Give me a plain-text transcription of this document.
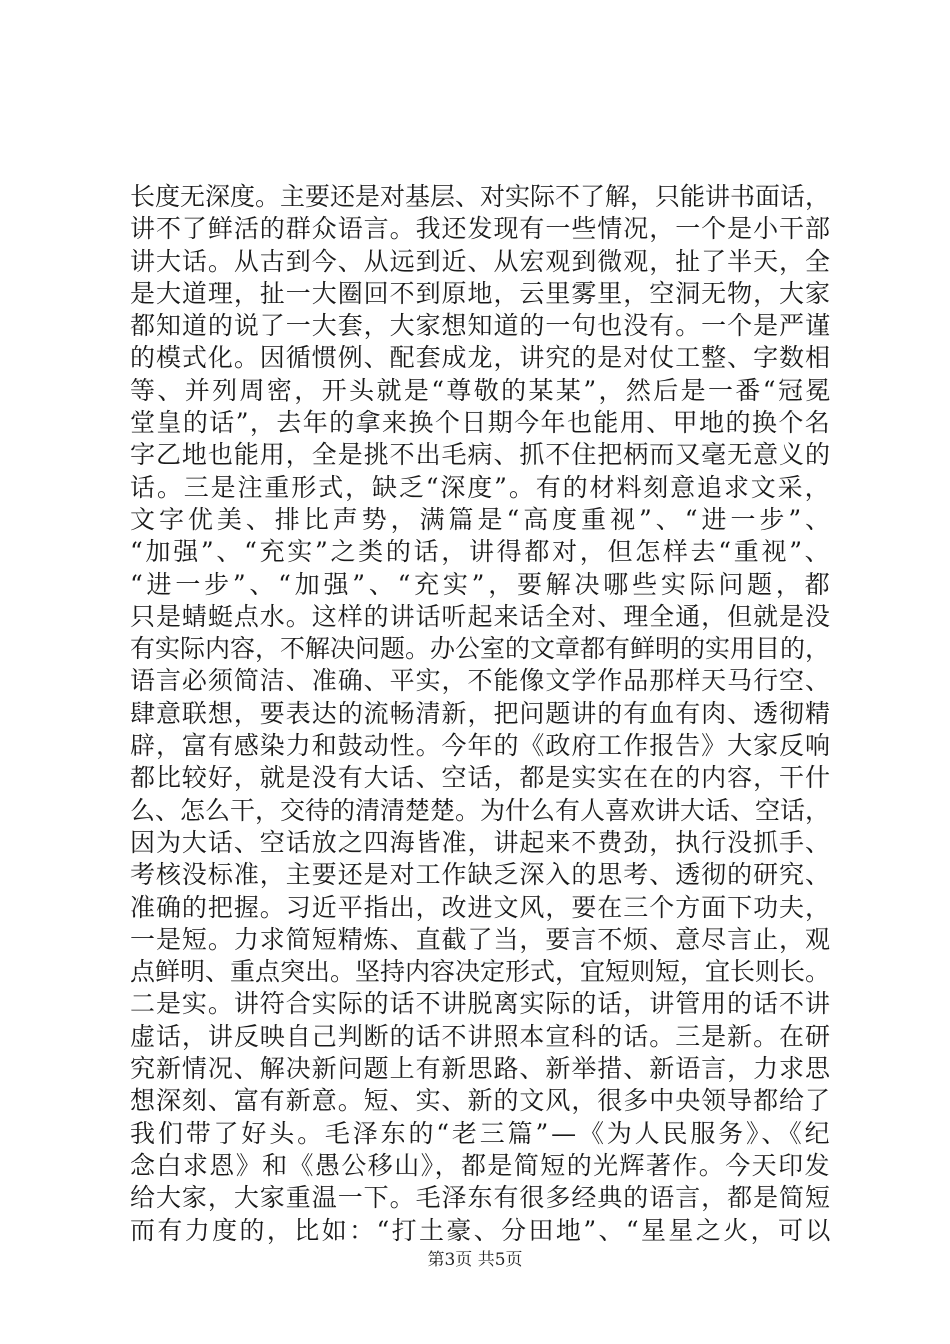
长度无深度。主要还是对基层、对实际不了解，只能讲书面话，
讲不了鲜活的群众语言。我还发现有一些情况，一个是小干部
讲大话。从古到今、从远到近、从宏观到微观，扯了半天，全
是大道理，扯一大圈回不到原地，云里雾里，空洞无物，大家
都知道的说了一大套，大家想知道的一句也没有。一个是严谨
的模式化。因循惯例、配套成龙，讲究的是对仗工整、字数相
等、并列周密，开头就是“尊敬的某某”，然后是一番“冠冕
堂皇的话”，去年的拿来换个日期今年也能用、甲地的换个名
字乙地也能用，全是挑不出毛病、抓不住把柄而又毫无意义的
话。三是注重形式，缺乏“深度”。有的材料刻意追求文采，
文字优美、排比声势，满篇是“高度重视”、“进一步”、
“加强”、“充实”之类的话，讲得都对，但怎样去“重视”、
“进一步”、“加强”、“充实”，要解决哪些实际问题，都
只是蜻蜓点水。这样的讲话听起来话全对、理全通，但就是没
有实际内容，不解决问题。办公室的文章都有鲜明的实用目的，
语言必须简洁、准确、平实，不能像文学作品那样天马行空、
肆意联想，要表达的流畅清新，把问题讲的有血有肉、透彻精
辟，富有感染力和鼓动性。今年的《政府工作报告》大家反响
都比较好，就是没有大话、空话，都是实实在在的内容，干什
么、怎么干，交待的清清楚楚。为什么有人喜欢讲大话、空话，
因为大话、空话放之四海皆准，讲起来不费劲，执行没抓手、
考核没标准，主要还是对工作缺乏深入的思考、透彻的研究、
准确的把握。习近平指出，改进文风，要在三个方面下功夫，
一是短。力求简短精炼、直截了当，要言不烦、意尽言止，观
点鲜明、重点突出。坚持内容决定形式，宜短则短，宜长则长。
二是实。讲符合实际的话不讲脱离实际的话，讲管用的话不讲
虚话，讲反映自己判断的话不讲照本宣科的话。三是新。在研
究新情况、解决新问题上有新思路、新举措、新语言，力求思
想深刻、富有新意。短、实、新的文风，很多中央领导都给了
我们带了好头。毛泽东的“老三篇”—《为人民服务》、《纪
念白求恩》和《愚公移山》，都是简短的光辉著作。今天印发
给大家，大家重温一下。毛泽东有很多经典的语言，都是简短
而有力度的，比如：“打土豪、分田地”、“星星之火，可以
第3页 共5页
